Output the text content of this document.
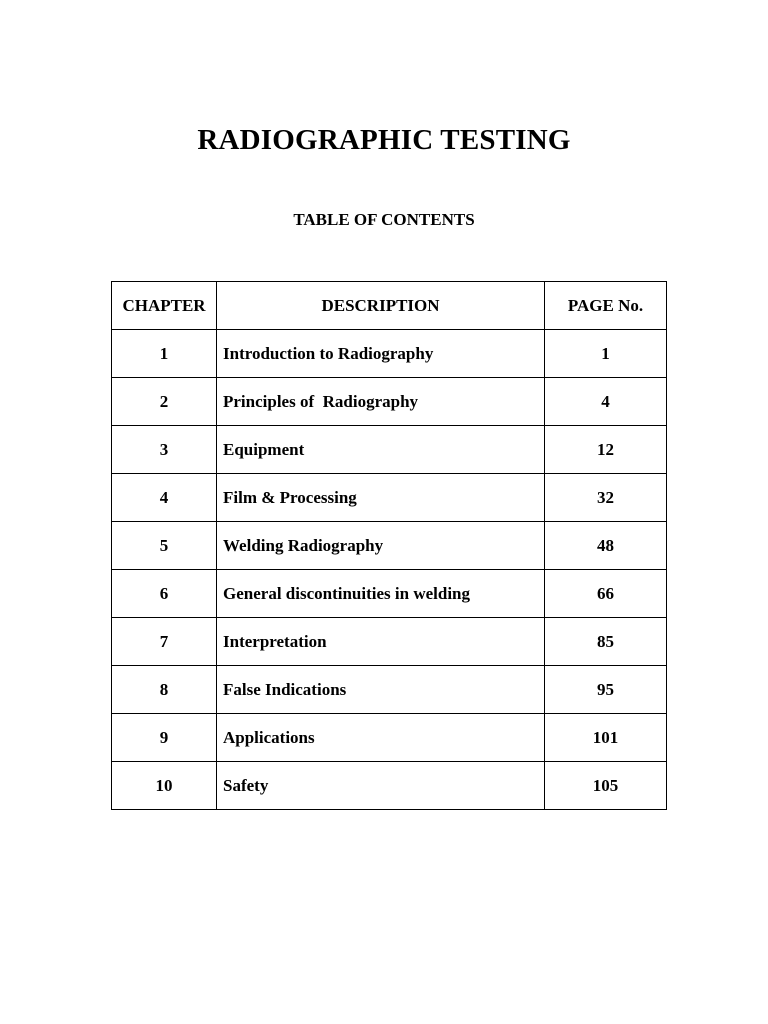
RADIOGRAPHIC TESTING
TABLE OF CONTENTS
CHAPTER	DESCRIPTION	PAGE No.
1	Introduction to Radiography	1
2	Principles of  Radiography	4
3	Equipment	12
4	Film & Processing	32
5	Welding Radiography	48
6	General discontinuities in welding	66
7	Interpretation	85
8	False Indications	95
9	Applications	101
10	Safety	105
